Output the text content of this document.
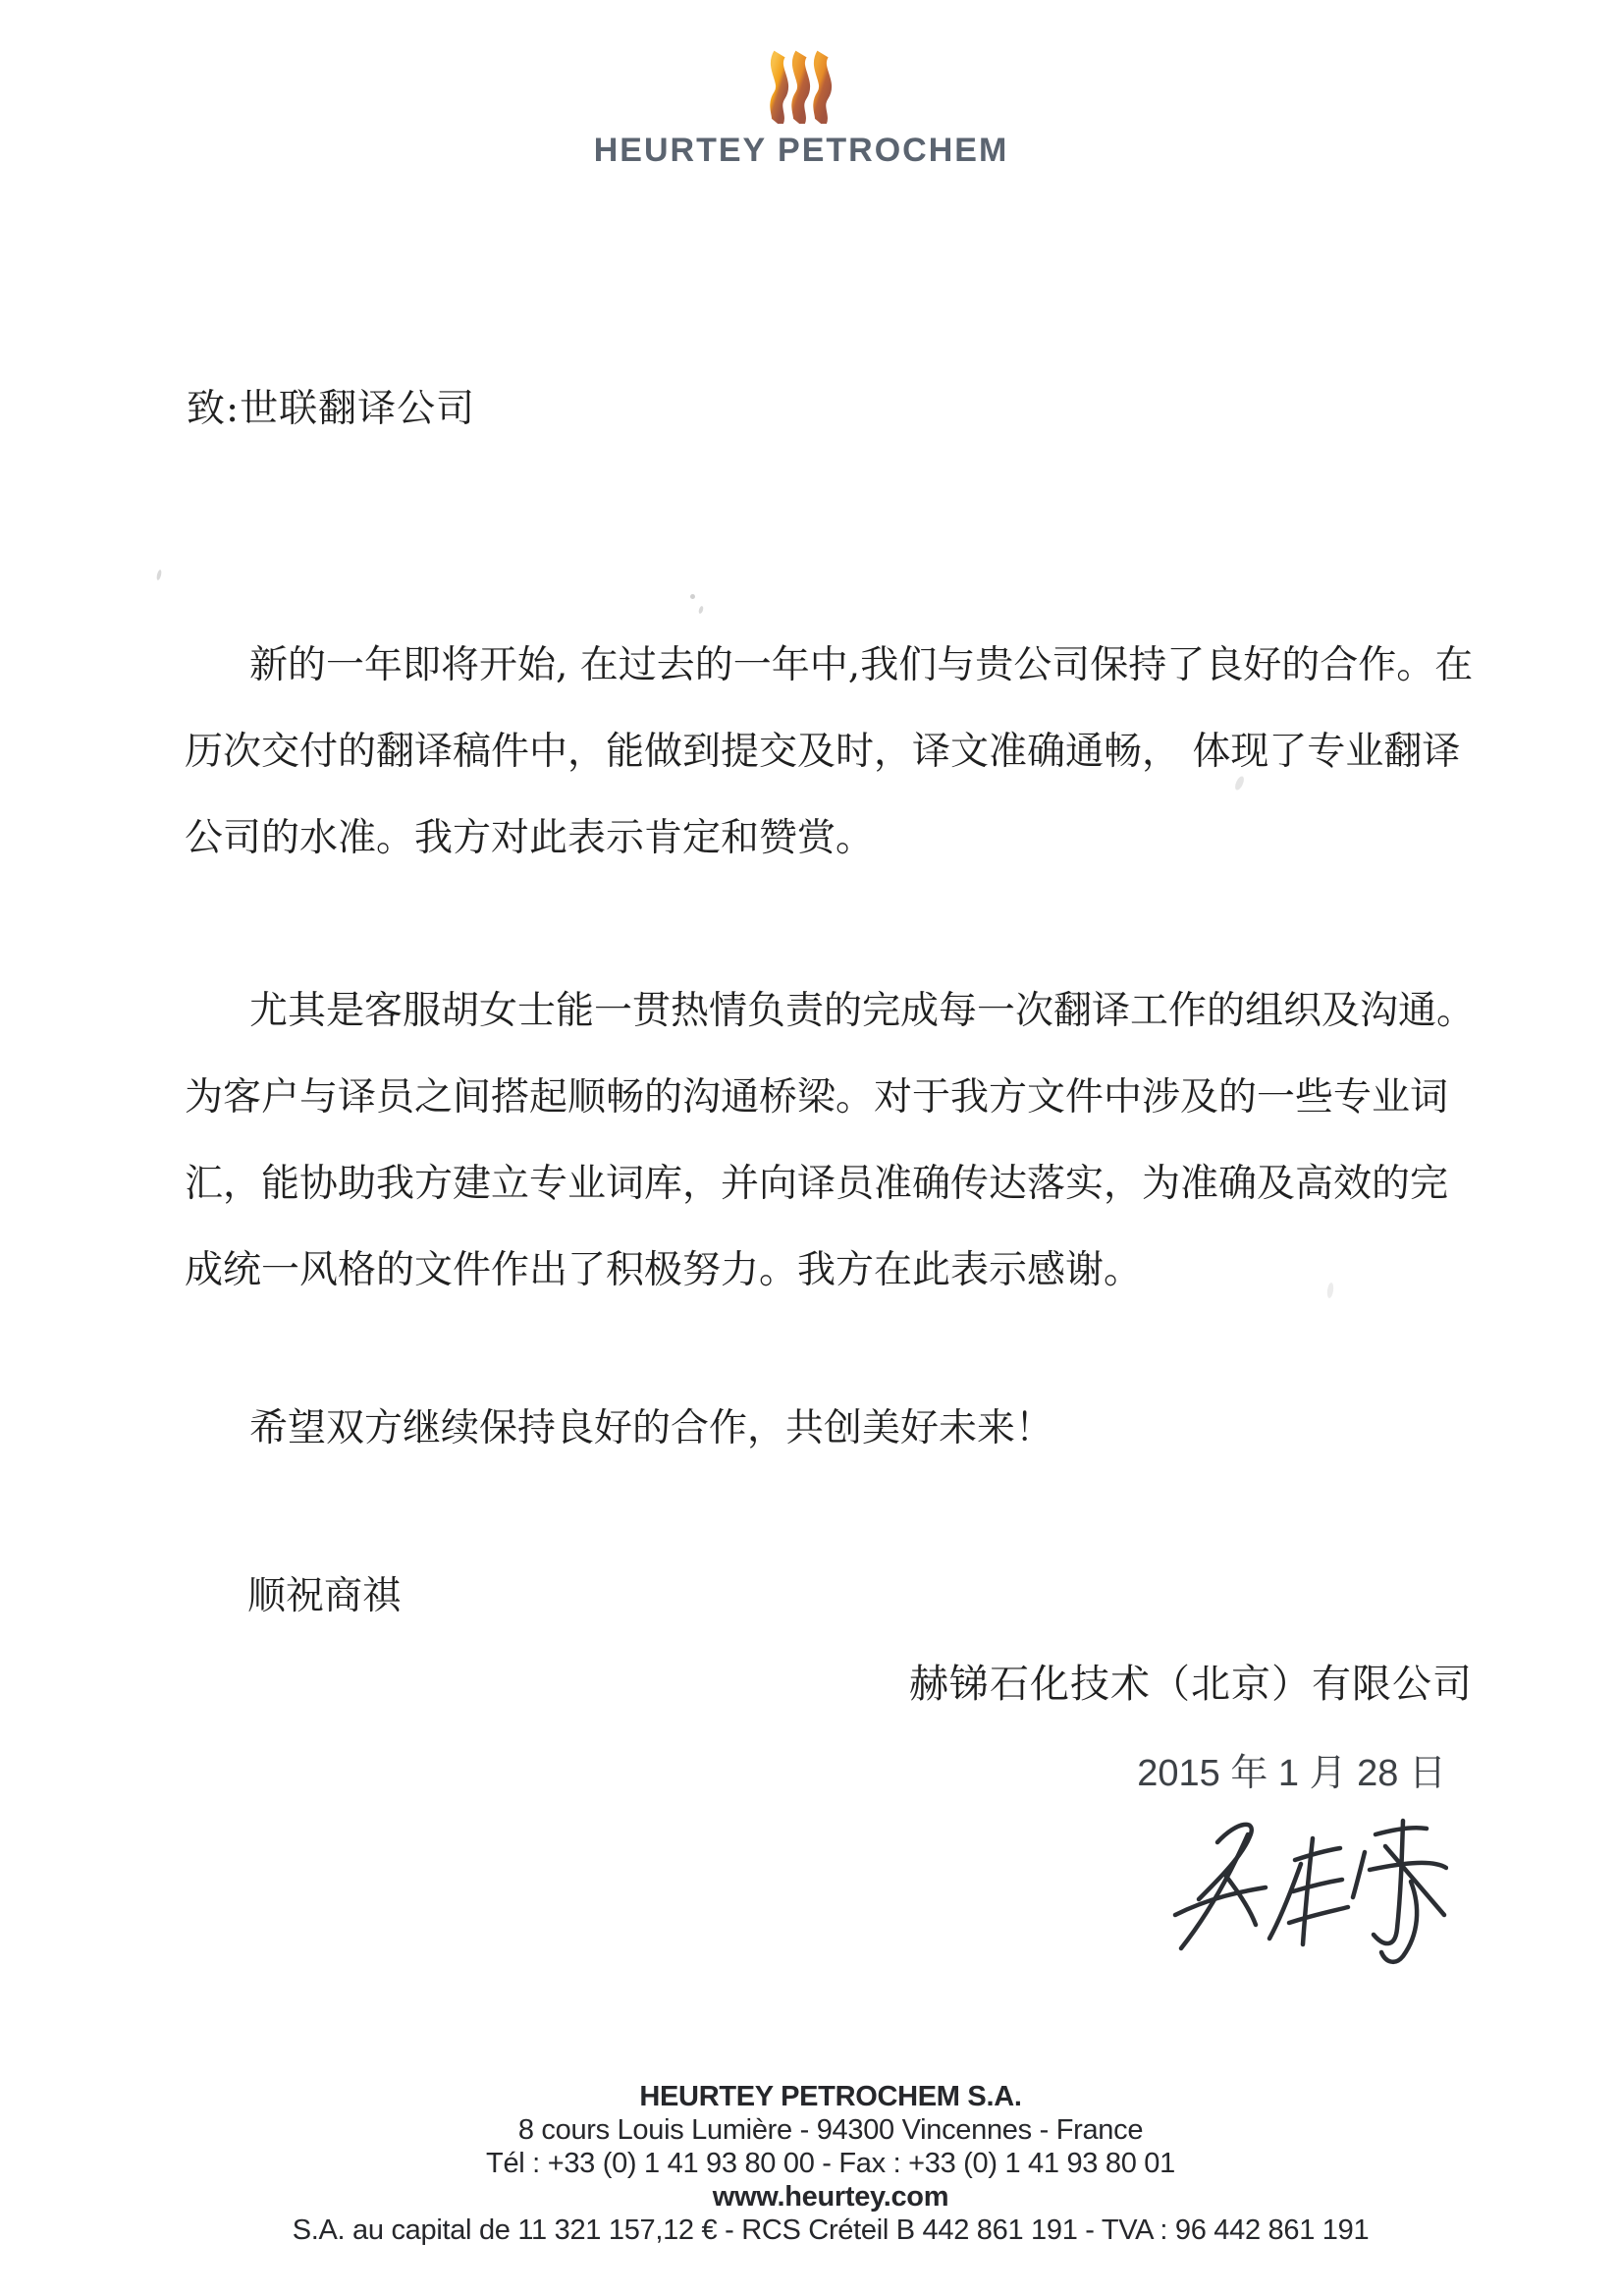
HEURTEY PETROCHEM
致:世联翻译公司
新的一年即将开始, 在过去的一年中,我们与贵公司保持了良好的合作。在
历次交付的翻译稿件中，能做到提交及时，译文准确通畅， 体现了专业翻译
公司的水准。我方对此表示肯定和赞赏。
尤其是客服胡女士能一贯热情负责的完成每一次翻译工作的组织及沟通。
为客户与译员之间搭起顺畅的沟通桥梁。对于我方文件中涉及的一些专业词
汇，能协助我方建立专业词库，并向译员准确传达落实，为准确及高效的完
成统一风格的文件作出了积极努力。我方在此表示感谢。
希望双方继续保持良好的合作，共创美好未来！
顺祝商祺
赫锑石化技术（北京）有限公司
2015 年 1 月 28 日
HEURTEY PETROCHEM S.A.
8 cours Louis Lumière - 94300 Vincennes - France
Tél : +33 (0) 1 41 93 80 00 - Fax : +33 (0) 1 41 93 80 01
www.heurtey.com
S.A. au capital de 11 321 157,12 € - RCS Créteil B 442 861 191 - TVA : 96 442 861 191
